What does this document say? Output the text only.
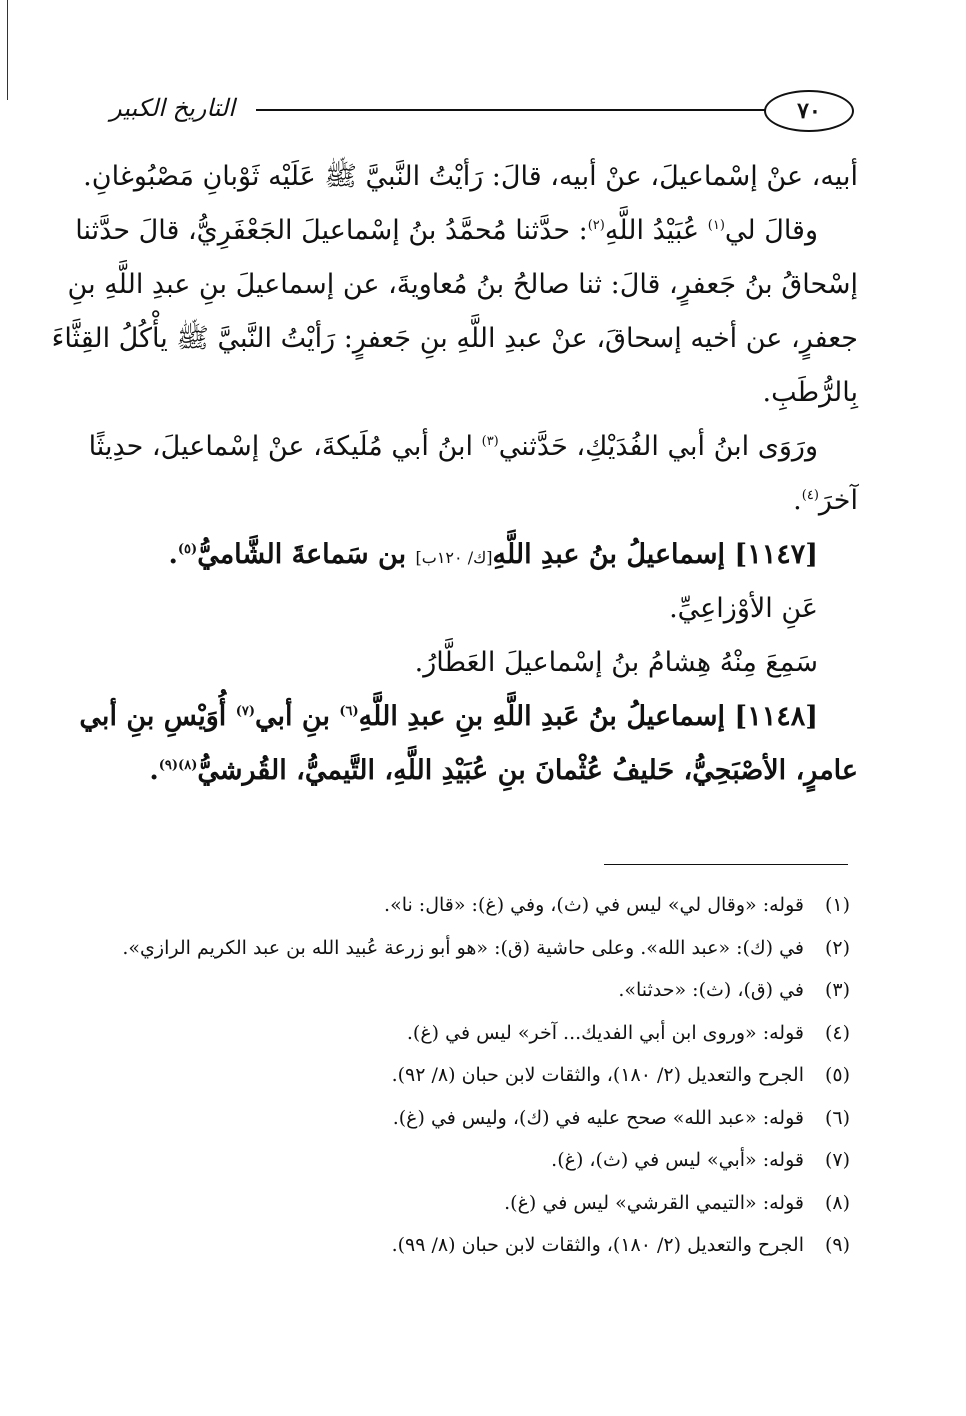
التاريخ الكبير	٧٠
أبيه، عنْ إسْماعيلَ، عنْ أبيه، قالَ: رَأيْتُ النَّبيَّ ﷺ عَلَيْه ثَوْبانِ مَصْبُوغانِ.
وقالَ لي$^{(١)}$ عُبَيْدُ اللَّهِ$^{(٢)}$: حدَّثنا مُحمَّدُ بنُ إسْماعيلَ الجَعْفَرِيُّ، قالَ حدَّثنا
إسْحاقُ بنُ جَعفرٍ، قالَ: ثنا صالحُ بنُ مُعاويةَ، عن إسماعيلَ بنِ عبدِ اللَّهِ بنِ
جعفرٍ، عن أخيه إسحاقَ، عنْ عبدِ اللَّهِ بنِ جَعفرٍ: رَأيْتُ النَّبيَّ ﷺ يأْكُلُ القِثَّاءَ
بِالرُّطَبِ.
ورَوَى ابنُ أبي الفُدَيْكِ، حَدَّثني$^{(٣)}$ ابنُ أبي مُلَيكةَ، عنْ إسْماعيلَ، حدِيثًا
آخرَ$^{(٤)}$.
[١١٤٧] إسماعيلُ بنُ عبدِ اللَّهِ[ك/ ١٢٠ب] بن سَماعةَ الشَّاميُّ$^{(٥)}$.
عَنِ الأوْزاعِيِّ.
سَمِعَ مِنْهُ هِشامُ بنُ إسْماعيلَ العَطَّارُ.
[١١٤٨] إسماعيلُ بنُ عَبدِ اللَّهِ بنِ عبدِ اللَّهِ$^{(٦)}$ بنِ أبي$^{(٧)}$ أُوَيْسِ بنِ أبي
عامرٍ، الأصْبَحِيُّ، حَليفُ عُثْمانَ بنِ عُبَيْدِ اللَّهِ، التَّيميُّ، القُرشيُّ$^{(٨)(٩)}$.
(١)قوله: «وقال لي» ليس في (ث)، وفي (غ): «قال: نا».
(٢)في (ك): «عبد الله». وعلى حاشية (ق): «هو أبو زرعة عُبيد الله بن عبد الكريم الرازي».
(٣)في (ق)، (ث): «حدثنا».
(٤)قوله: «وروى ابن أبي الفديك... آخر» ليس في (غ).
(٥)الجرح والتعديل (٢/ ١٨٠)، والثقات لابن حبان (٨/ ٩٢).
(٦)قوله: «عبد الله» صحح عليه في (ك)، وليس في (غ).
(٧)قوله: «أبي» ليس في (ث)، (غ).
(٨)قوله: «التيمي القرشي» ليس في (غ).
(٩)الجرح والتعديل (٢/ ١٨٠)، والثقات لابن حبان (٨/ ٩٩).
